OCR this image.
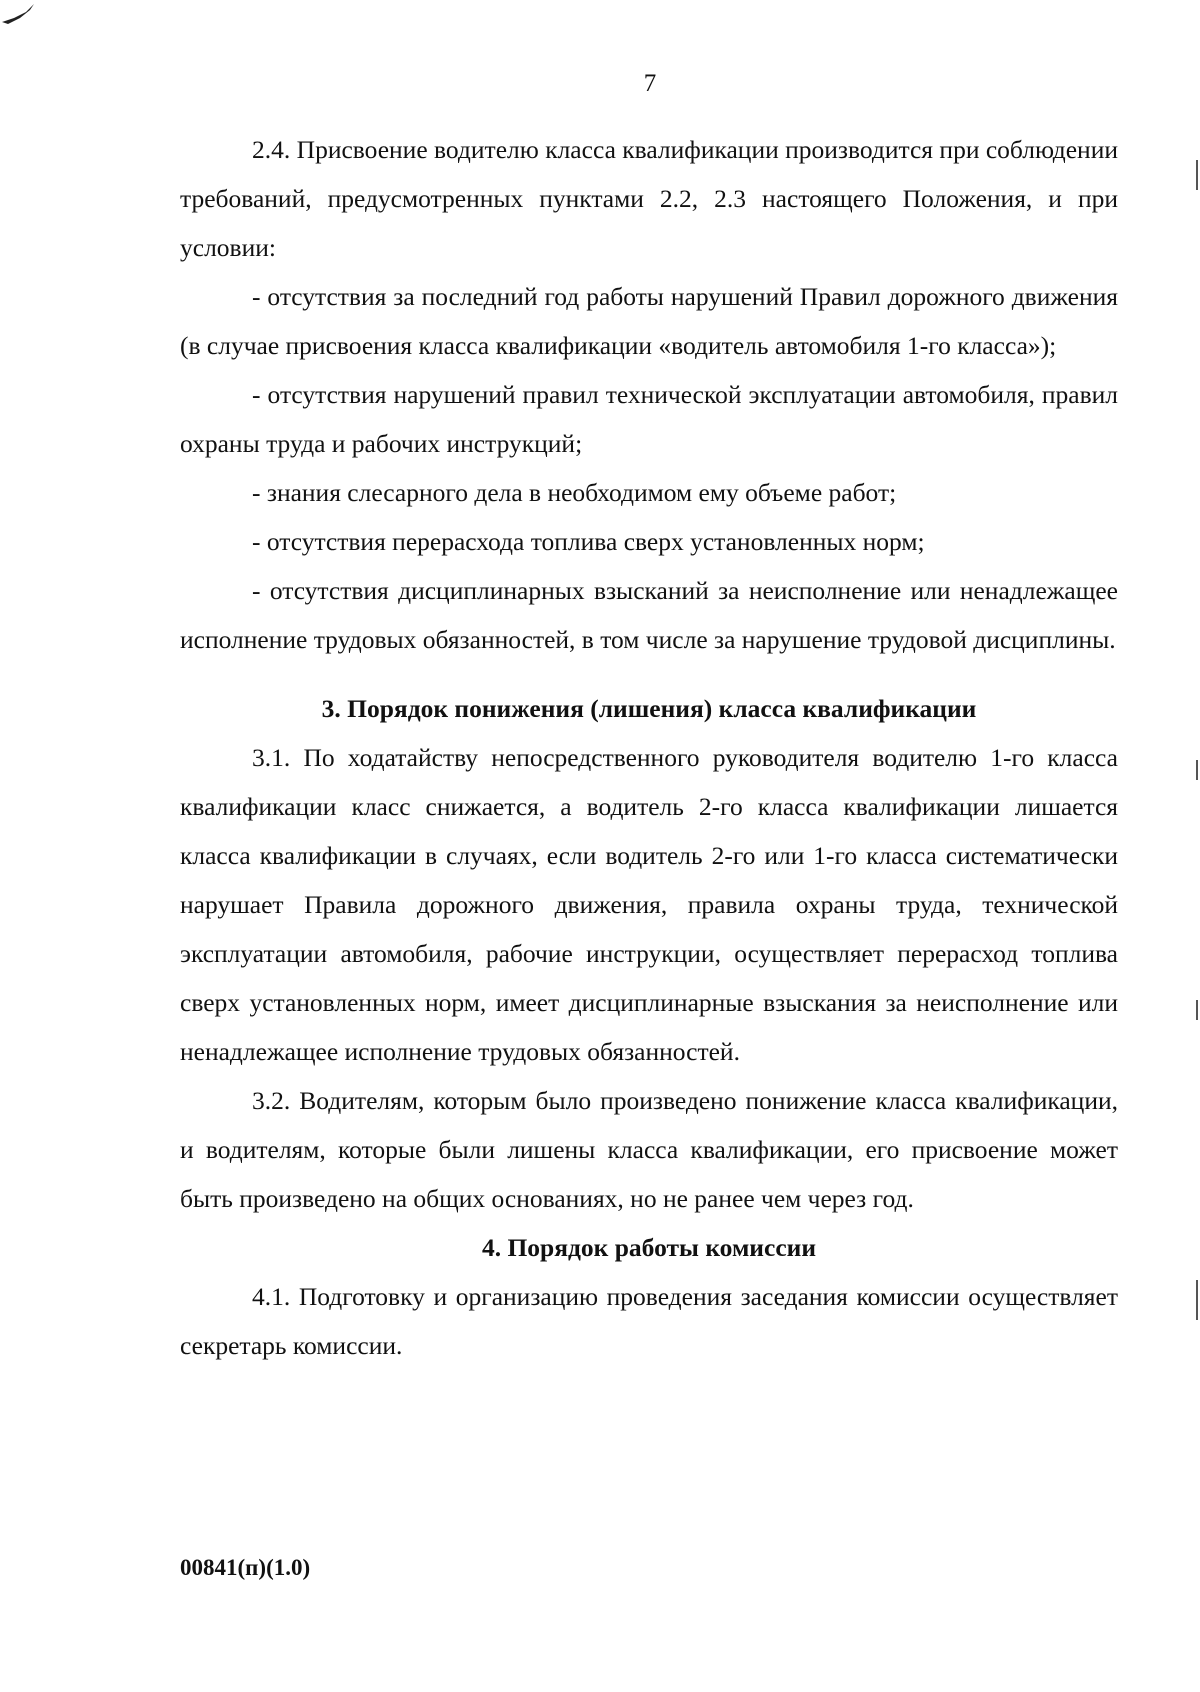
7

2.4. Присвоение водителю класса квалификации производится при соблюдении требований, предусмотренных пунктами 2.2, 2.3 настоящего Положения, и при условии:

- отсутствия за последний год работы нарушений Правил дорожного движения (в случае присвоения класса квалификации «водитель автомобиля 1-го класса»);

- отсутствия нарушений правил технической эксплуатации автомобиля, правил охраны труда и рабочих инструкций;

- знания слесарного дела в необходимом ему объеме работ;

- отсутствия перерасхода топлива сверх установленных норм;

- отсутствия дисциплинарных взысканий за неисполнение или ненадлежащее исполнение трудовых обязанностей, в том числе за нарушение трудовой дисциплины.

3. Порядок понижения (лишения) класса квалификации

3.1. По ходатайству непосредственного руководителя водителю 1-го класса квалификации класс снижается, а водитель 2-го класса квалификации лишается класса квалификации в случаях, если водитель 2-го или 1-го класса систематически нарушает Правила дорожного движения, правила охраны труда, технической эксплуатации автомобиля, рабочие инструкции, осуществляет перерасход топлива сверх установленных норм, имеет дисциплинарные взыскания за неисполнение или ненадлежащее исполнение трудовых обязанностей.

3.2. Водителям, которым было произведено понижение класса квалификации, и водителям, которые были лишены класса квалификации, его присвоение может быть произведено на общих основаниях, но не ранее чем через год.

4. Порядок работы комиссии

4.1. Подготовку и организацию проведения заседания комиссии осуществляет секретарь комиссии.

00841(п)(1.0)
